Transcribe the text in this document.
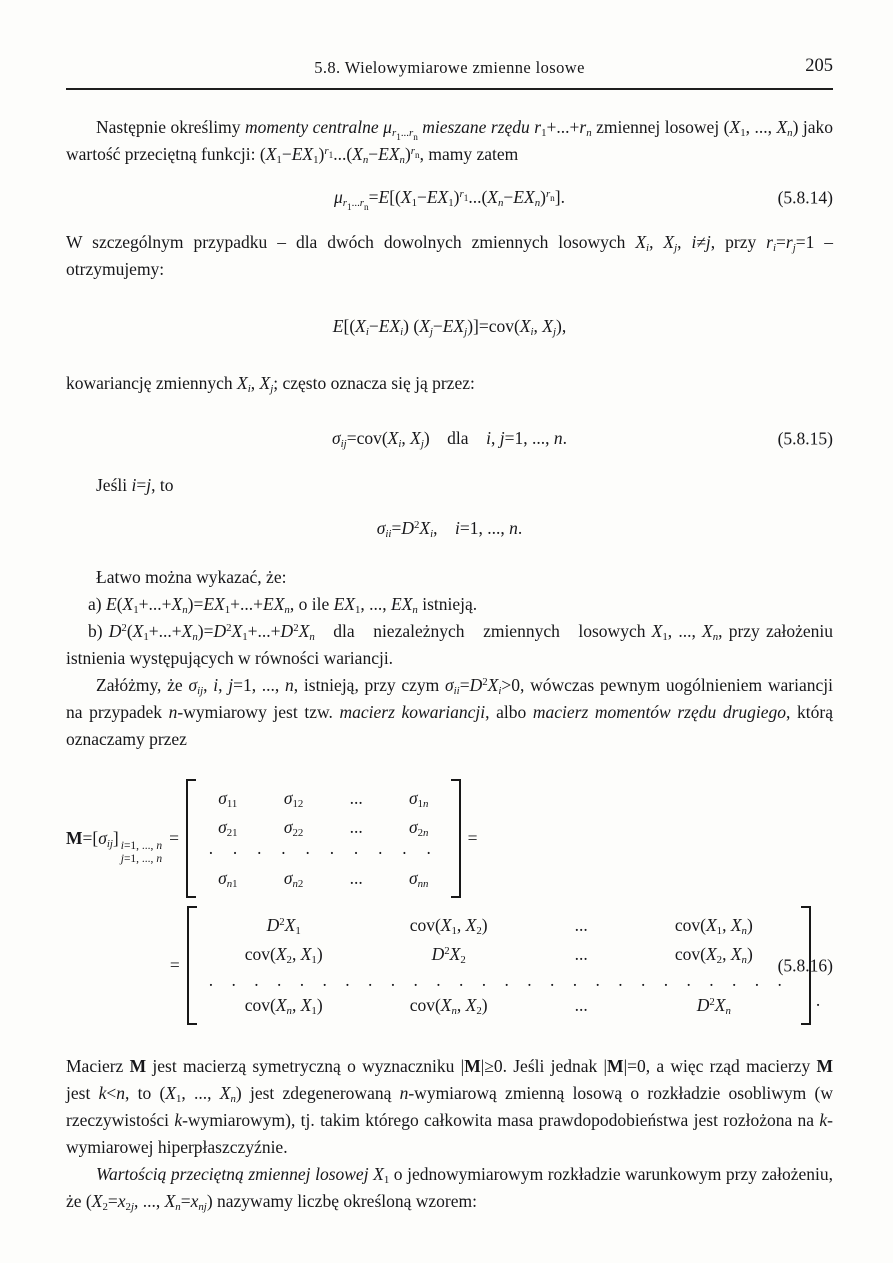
5.8. Wielowymiarowe zmienne losowe	205
Następnie określimy momenty centralne $\mu_{r_1...r_n}$ mieszane rzędu $r_1+...+r_n$ zmiennej losowej ($X_1$, ..., $X_n$) jako wartość przeciętną funkcji: $(X_1-EX_1)^{r_1}...(X_n-EX_n)^{r_n}$, mamy zatem
$\mu_{r_1...r_n}=E[(X_1-EX_1)^{r_1}...(X_n-EX_n)^{r_n}]$.	(5.8.14)
W szczególnym przypadku – dla dwóch dowolnych zmiennych losowych $X_i$, $X_j$, i≠j, przy $r_i=r_j=1$ – otrzymujemy:
$E[(X_i-EX_i)$ $(X_j-EX_j)]=cov(X_i$, $X_j$),
kowariancję zmiennych $X_i$, $X_j$; często oznacza się ją przez:
$\sigma_{ij}=cov(X_i$, $X_j$)    dla    i, j=1, ..., n.	(5.8.15)
Jeśli i=j, to
$\sigma_{ii}=D^2X_i$,    i=1, ..., n.
Łatwo można wykazać, że:
a) $E(X_1+...+X_n)=EX_1+...+EX_n$, o ile $EX_1$, ..., $EX_n$ istnieją.
b) $D^2(X_1+...+X_n)=D^2X_1+...+D^2X_n$   dla   niezależnych   zmiennych   losowych $X_1$, ..., $X_n$, przy założeniu istnienia występujących w równości wariancji.
Załóżmy, że $\sigma_{ij}$, i, j=1, ..., n, istnieją, przy czym $\sigma_{ii}=D^2X_i>0$, wówczas pewnym uogólnieniem wariancji na przypadek n-wymiarowy jest tzw. macierz kowariancji, albo macierz momentów rzędu drugiego, którą oznaczamy przez
$M=[\sigma_{ij}]$ i=1, ..., n
j=1, ..., n
=
$\sigma_{11}$	$\sigma_{12}$	...	$\sigma_{1n}$
$\sigma_{21}$	$\sigma_{22}$	...	$\sigma_{2n}$
· · · · · · · · · ·
$\sigma_{n1}$	$\sigma_{n2}$	...	$\sigma_{nn}$
=
=
$D^2X_1$	$cov(X_1$, $X_2$)	...	$cov(X_1$, $X_n$)
$cov(X_2$, $X_1$)	$D^2X_2$	...	$cov(X_2$, $X_n$)
. . . . . . . . . . . . . . . . . . . . . . . . . .
$cov(X_n$, $X_1$)	$cov(X_n$, $X_2$)	...	$D^2X_n$
.
(5.8.16)
Macierz M jest macierzą symetryczną o wyznaczniku |M|≥0. Jeśli jednak |M|=0, a więc rząd macierzy M jest k<n, to ($X_1$, ..., $X_n$) jest zdegenerowaną n-wymiarową zmienną losową o rozkładzie osobliwym (w rzeczywistości k-wymiarowym), tj. takim którego całkowita masa prawdopodobieństwa jest rozłożona na k-wymiarowej hiperpłaszczyźnie.
Wartością przeciętną zmiennej losowej $X_1$ o jednowymiarowym rozkładzie warunkowym przy założeniu, że ($X_2=x_{2j}$, ..., $X_n=x_{nj}$) nazywamy liczbę określoną wzorem:
